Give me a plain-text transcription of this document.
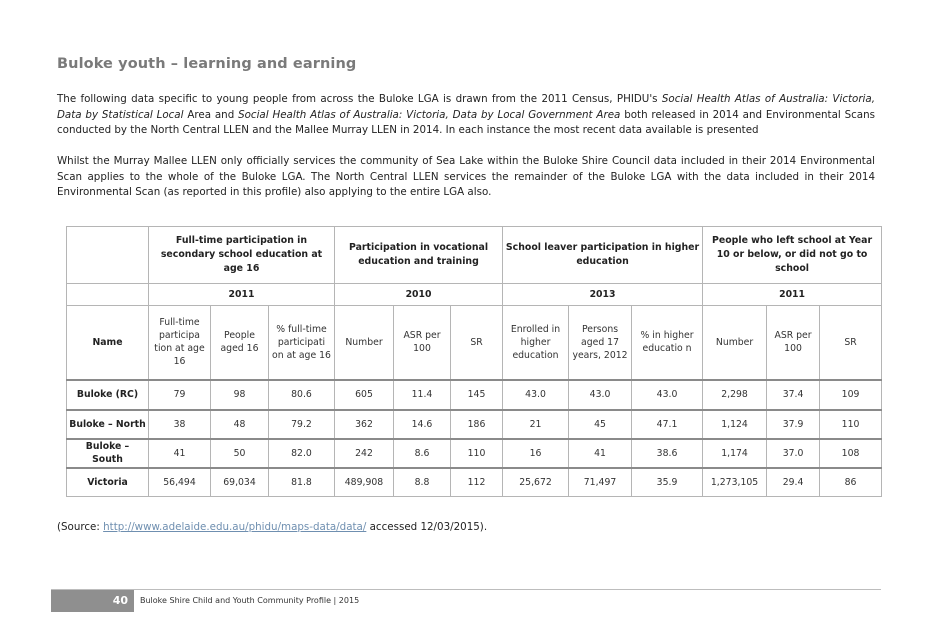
Buloke youth – learning and earning
The following data specific to young people from across the Buloke LGA is drawn from the 2011 Census, PHIDU's Social Health Atlas of Australia: Victoria, Data by Statistical Local Area and Social Health Atlas of Australia: Victoria, Data by Local Government Area both released in 2014 and Environmental Scans conducted by the North Central LLEN and the Mallee Murray LLEN in 2014. In each instance the most recent data available is presented
Whilst the Murray Mallee LLEN only officially services the community of Sea Lake within the Buloke Shire Council data included in their 2014 Environmental Scan applies to the whole of the Buloke LGA. The North Central LLEN services the remainder of the Buloke LGA with the data included in their 2014 Environmental Scan (as reported in this profile) also applying to the entire LGA also.
	Full-time participation in secondary school education at age 16			Participation in vocational education and training			School leaver participation in higher education			People who left school at Year 10 or below, or did not go to school		
	2011			2010			2013			2011		
Name	Full-time participa tion at age 16	People aged 16	% full-time participati on at age 16	Number	ASR per 100	SR	Enrolled in higher education	Persons aged 17 years, 2012	% in higher educatio n	Number	ASR per 100	SR
Buloke (RC)	79	98	80.6	605	11.4	145	43.0	43.0	43.0	2,298	37.4	109
Buloke – North	38	48	79.2	362	14.6	186	21	45	47.1	1,124	37.9	110
Buloke – South	41	50	82.0	242	8.6	110	16	41	38.6	1,174	37.0	108
Victoria	56,494	69,034	81.8	489,908	8.8	112	25,672	71,497	35.9	1,273,105	29.4	86
(Source: http://www.adelaide.edu.au/phidu/maps-data/data/ accessed 12/03/2015).
40	Buloke Shire Child and Youth Community Profile | 2015
